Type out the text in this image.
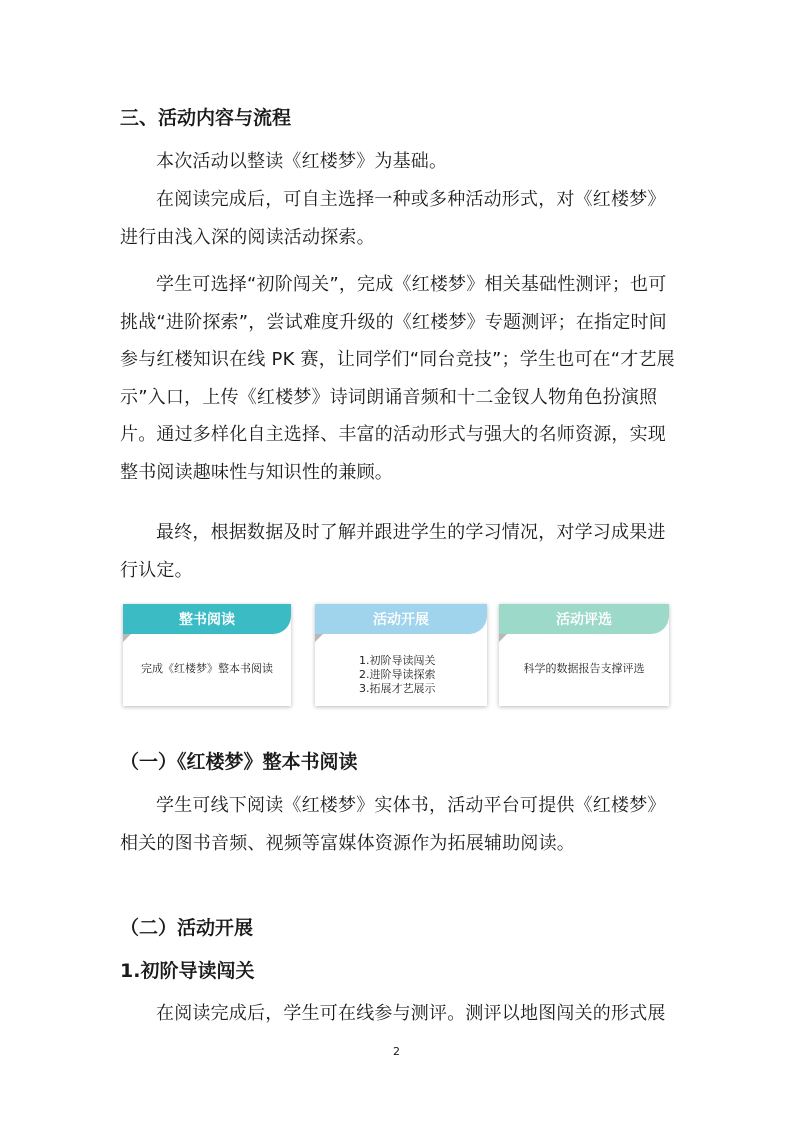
三、活动内容与流程
本次活动以整读《红楼梦》为基础。
在阅读完成后，可自主选择一种或多种活动形式，对《红楼梦》进行由浅入深的阅读活动探索。
学生可选择“初阶闯关”，完成《红楼梦》相关基础性测评；也可挑战“进阶探索”，尝试难度升级的《红楼梦》专题测评；在指定时间参与红楼知识在线 PK 赛，让同学们“同台竞技”；学生也可在“才艺展示”入口，上传《红楼梦》诗词朗诵音频和十二金钗人物角色扮演照片。通过多样化自主选择、丰富的活动形式与强大的名师资源，实现整书阅读趣味性与知识性的兼顾。
最终，根据数据及时了解并跟进学生的学习情况，对学习成果进行认定。
整书阅读
完成《红楼梦》整本书阅读
活动开展
1.初阶导读闯关
2.进阶导读探索
3.拓展才艺展示
活动评选
科学的数据报告支撑评选
（一）《红楼梦》整本书阅读
学生可线下阅读《红楼梦》实体书，活动平台可提供《红楼梦》相关的图书音频、视频等富媒体资源作为拓展辅助阅读。
（二）活动开展
1.初阶导读闯关
在阅读完成后，学生可在线参与测评。测评以地图闯关的形式展
2
